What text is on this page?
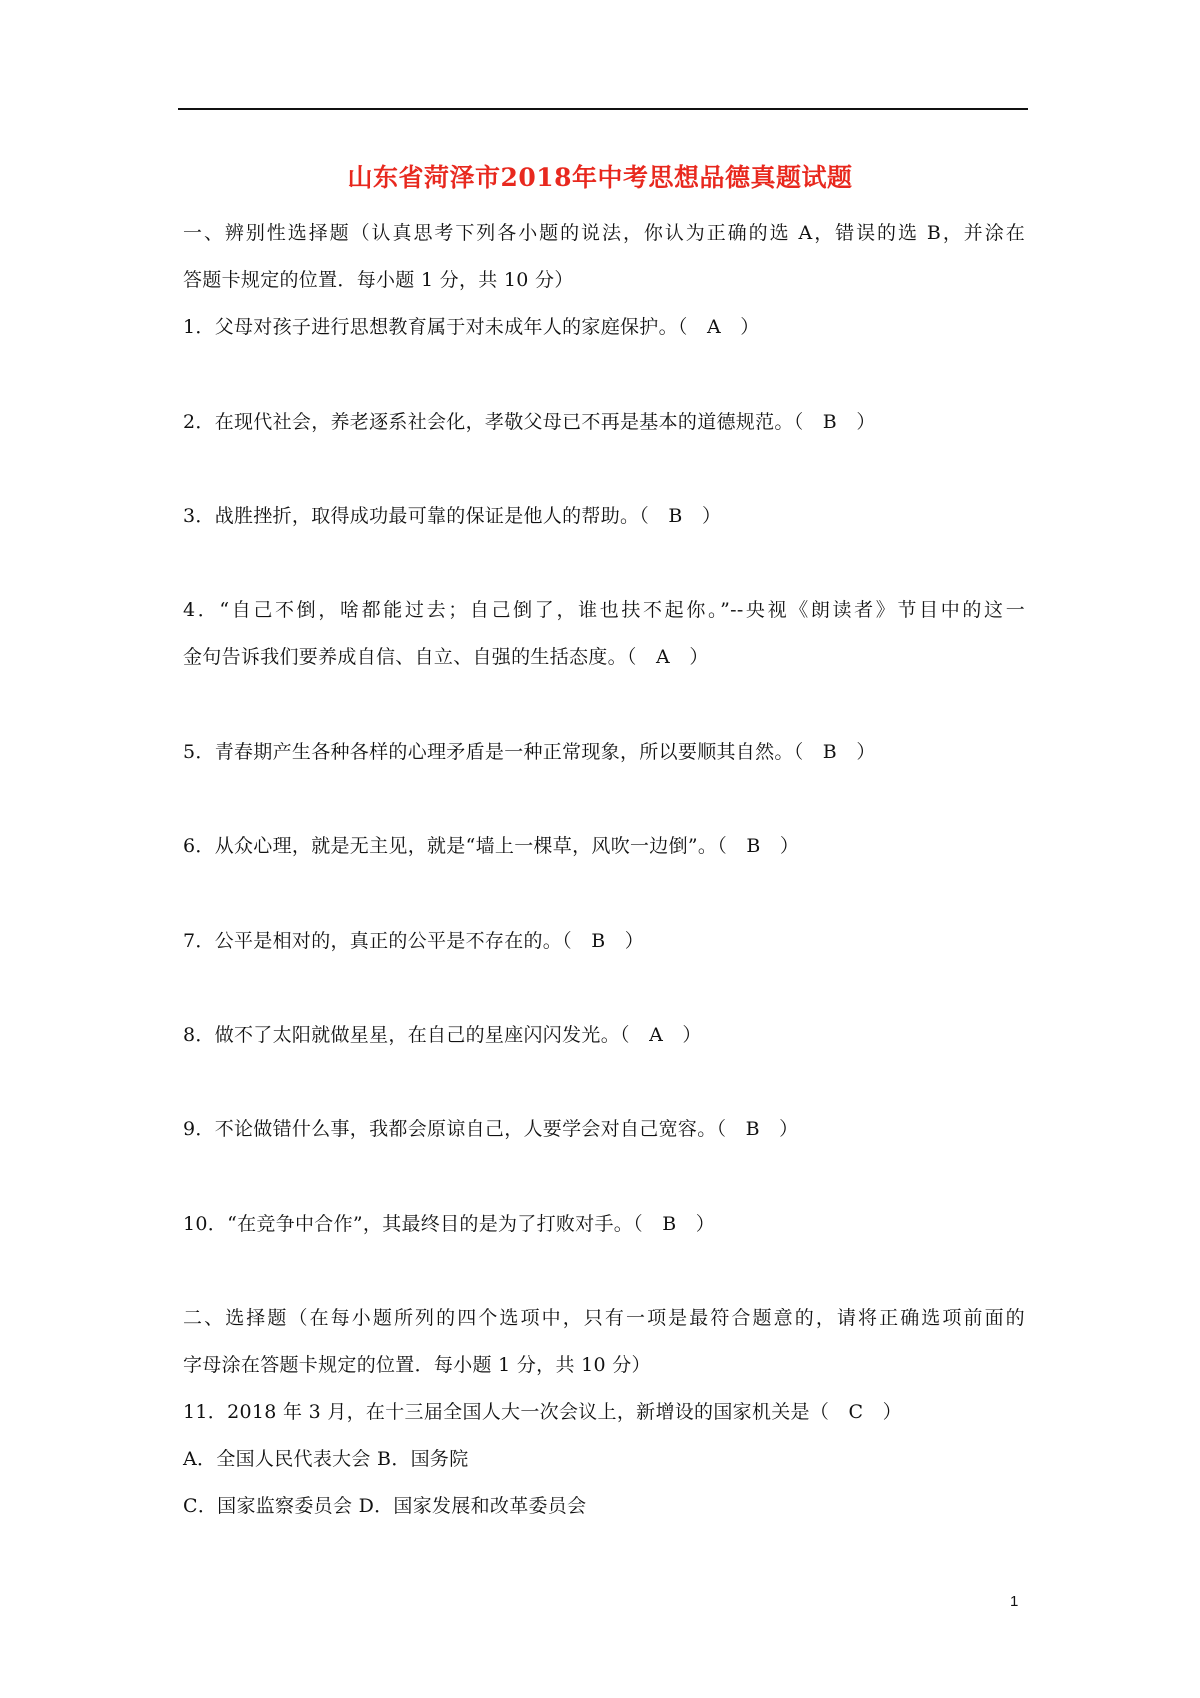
山东省菏泽市2018年中考思想品德真题试题
一、辨别性选择题（认真思考下列各小题的说法，你认为正确的选 A，错误的选 B，并涂在
答题卡规定的位置．每小题 1 分，共 10 分）
1．父母对孩子进行思想教育属于对未成年人的家庭保护。（　A　）
2．在现代社会，养老逐系社会化，孝敬父母已不再是基本的道德规范。（　B　）
3．战胜挫折，取得成功最可靠的保证是他人的帮助。（　B　）
4．“自己不倒，啥都能过去；自己倒了，谁也扶不起你。”--央视《朗读者》节目中的这一
金句告诉我们要养成自信、自立、自强的生括态度。（　A　）
5．青春期产生各种各样的心理矛盾是一种正常现象，所以要顺其自然。（　B　）
6．从众心理，就是无主见，就是“墙上一棵草，风吹一边倒”。（　B　）
7．公平是相对的，真正的公平是不存在的。（　B　）
8．做不了太阳就做星星，在自己的星座闪闪发光。（　A　）
9．不论做错什么事，我都会原谅自己，人要学会对自己宽容。（　B　）
10．“在竞争中合作”，其最终目的是为了打败对手。（　B　）
二、选择题（在每小题所列的四个选项中，只有一项是最符合题意的，请将正确选项前面的
字母涂在答题卡规定的位置．每小题 1 分，共 10 分）
11．2018 年 3 月，在十三届全国人大一次会议上，新增设的国家机关是（　C　）
A．全国人民代表大会 B．国务院
C．国家监察委员会 D．国家发展和改革委员会
1
